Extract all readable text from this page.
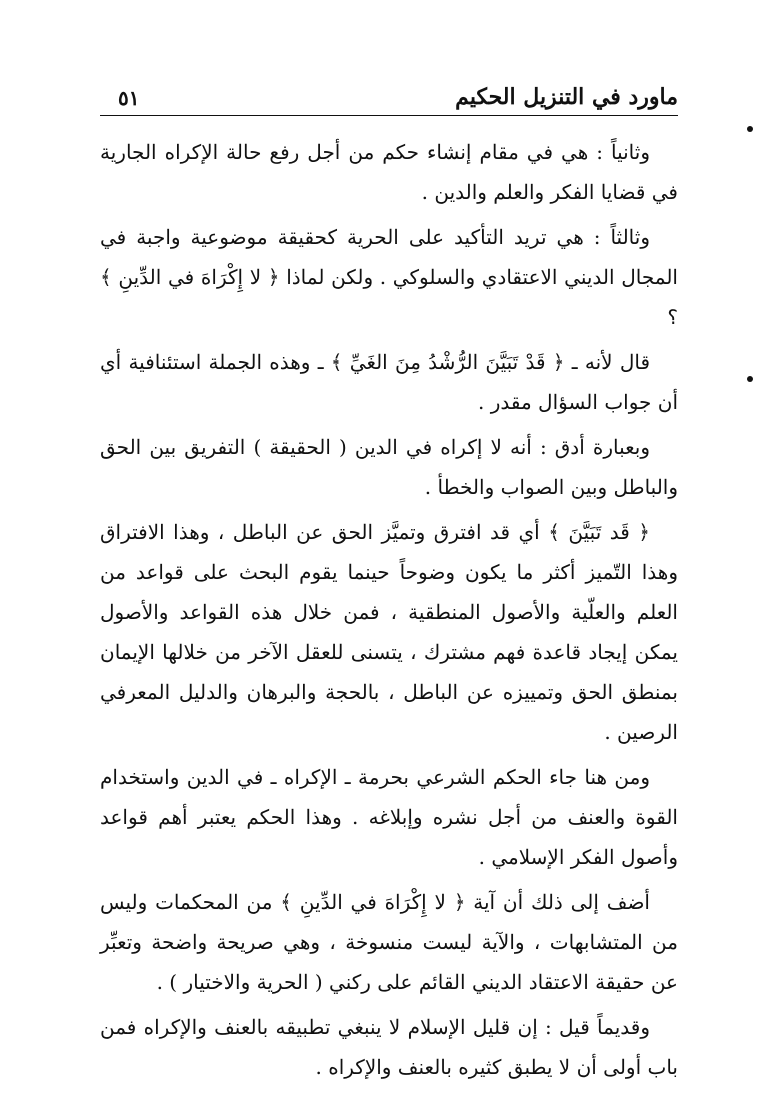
ماورد في التنزيل الحكيم
٥١

وثانياً : هي في مقام إنشاء حكم من أجل رفع حالة الإكراه الجارية في قضايا الفكر والعلم والدين .

وثالثاً : هي تريد التأكيد على الحرية كحقيقة موضوعية واجبة في المجال الديني الاعتقادي والسلوكي . ولكن لماذا ﴿ لا إِكْرَاهَ في الدِّينِ ﴾ ؟

قال لأنه ـ ﴿ قَدْ تَبَيَّنَ الرُّشْدُ مِنَ الغَيِّ ﴾ ـ وهذه الجملة استئنافية أي أن جواب السؤال مقدر .

وبعبارة أدق : أنه لا إكراه في الدين ( الحقيقة ) التفريق بين الحق والباطل وبين الصواب والخطأ .

﴿ قَد تَبَيَّنَ ﴾ أي قد افترق وتميَّز الحق عن الباطل ، وهذا الافتراق وهذا التّميز أكثر ما يكون وضوحاً حينما يقوم البحث على قواعد من العلم والعلّية والأصول المنطقية ، فمن خلال هذه القواعد والأصول يمكن إيجاد قاعدة فهم مشترك ، يتسنى للعقل الآخر من خلالها الإيمان بمنطق الحق وتمييزه عن الباطل ، بالحجة والبرهان والدليل المعرفي الرصين .

ومن هنا جاء الحكم الشرعي بحرمة ـ الإكراه ـ في الدين واستخدام القوة والعنف من أجل نشره وإبلاغه . وهذا الحكم يعتبر أهم قواعد وأصول الفكر الإسلامي .

أضف إلى ذلك أن آية ﴿ لا إِكْرَاهَ في الدِّينِ ﴾ من المحكمات وليس من المتشابهات ، والآية ليست منسوخة ، وهي صريحة واضحة وتعبِّر عن حقيقة الاعتقاد الديني القائم على ركني ( الحرية والاختيار ) .

وقديماً قيل : إن قليل الإسلام لا ينبغي تطبيقه بالعنف والإكراه فمن باب أولى أن لا يطبق كثيره بالعنف والإكراه .
